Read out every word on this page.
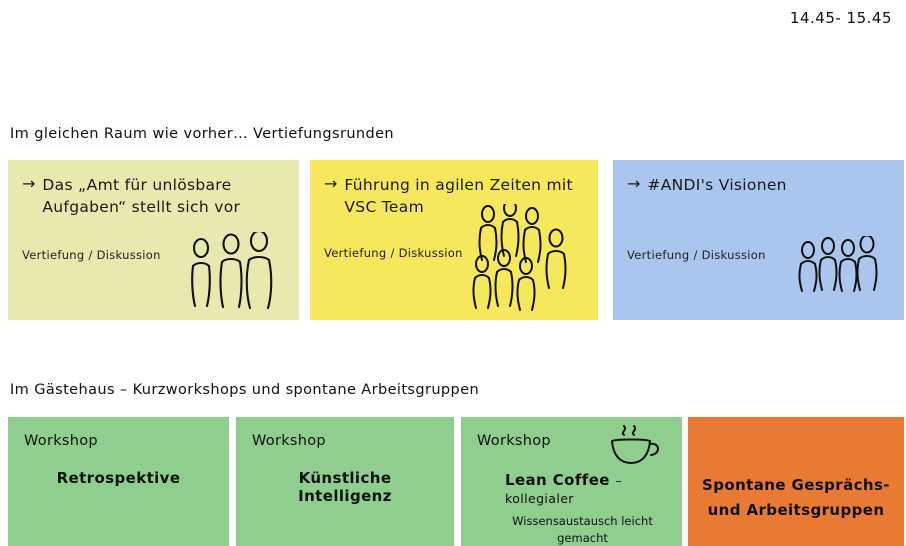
14.45- 15.45
Im gleichen Raum wie vorher… Vertiefungsrunden
→ Das „Amt für unlösbare Aufgaben“ stellt sich vor
Vertiefung / Diskussion
→ Führung in agilen Zeiten mit VSC Team
Vertiefung / Diskussion
→ #ANDI's Visionen
Vertiefung / Diskussion
Im Gästehaus – Kurzworkshops und spontane Arbeitsgruppen
Workshop
Retrospektive
Workshop
Künstliche Intelligenz
Workshop
Lean Coffee – kollegialer
Wissensaustausch leicht gemacht
Spontane Gesprächs- und Arbeitsgruppen
